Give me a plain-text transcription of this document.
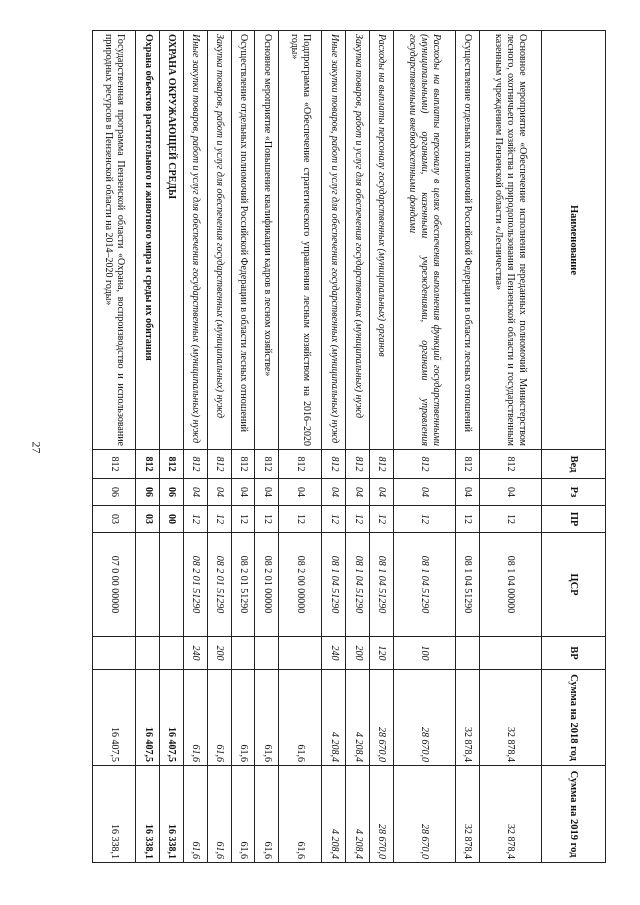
27
Наименование	Вед	Рз	ПР	ЦСР	ВР	Сумма на 2018 год	Сумма на 2019 год
Основное мероприятие «Обеспечение исполнения переданных полномочий Министерством лесного, охотничьего хозяйства и природопользования Пензенской области и государственным казенным учреждением Пензенской области «Лесничества»	812	04	12	08 1 04 00000		32 878,4	32 878,4
Осуществление отдельных полномочий Российской Федерации в области лесных отношений	812	04	12	08 1 04 51290		32 878,4	32 878,4
Расходы на выплаты персоналу в целях обеспечения выполнения функций государственными (муниципальными) органами, казенными учреждениями, органами управления государственными внебюджетными фондами	812	04	12	08 1 04 51290	100	28 670,0	28 670,0
Расходы на выплаты персоналу государственных (муниципальных) органов	812	04	12	08 1 04 51290	120	28 670,0	28 670,0
Закупка товаров, работ и услуг для обеспечения государственных (муниципальных) нужд	812	04	12	08 1 04 51290	200	4 208,4	4 208,4
Иные закупки товаров, работ и услуг для обеспечения государственных (муниципальных) нужд	812	04	12	08 1 04 51290	240	4 208,4	4 208,4
Подпрограмма «Обеспечение стратегического управления лесным хозяйством на 2016–2020 годы»	812	04	12	08 2 00 00000		61,6	61,6
Основное мероприятие «Повышение квалификации кадров в лесном хозяйстве»	812	04	12	08 2 01 00000		61,6	61,6
Осуществление отдельных полномочий Российской Федерации в области лесных отношений	812	04	12	08 2 01 51290		61,6	61,6
Закупка товаров, работ и услуг для обеспечения государственных (муниципальных) нужд	812	04	12	08 2 01 51290	200	61,6	61,6
Иные закупки товаров, работ и услуг для обеспечения государственных (муниципальных) нужд	812	04	12	08 2 01 51290	240	61,6	61,6
ОХРАНА ОКРУЖАЮЩЕЙ СРЕДЫ	812	06	00			16 407,5	16 338,1
Охрана объектов растительного и животного мира и среды их обитания	812	06	03			16 407,5	16 338,1
Государственная программа Пензенской области «Охрана, воспроизводство и использование природных ресурсов в Пензенской области на 2014–2020 годы»	812	06	03	07 0 00 00000		16 407,5	16 338,1
